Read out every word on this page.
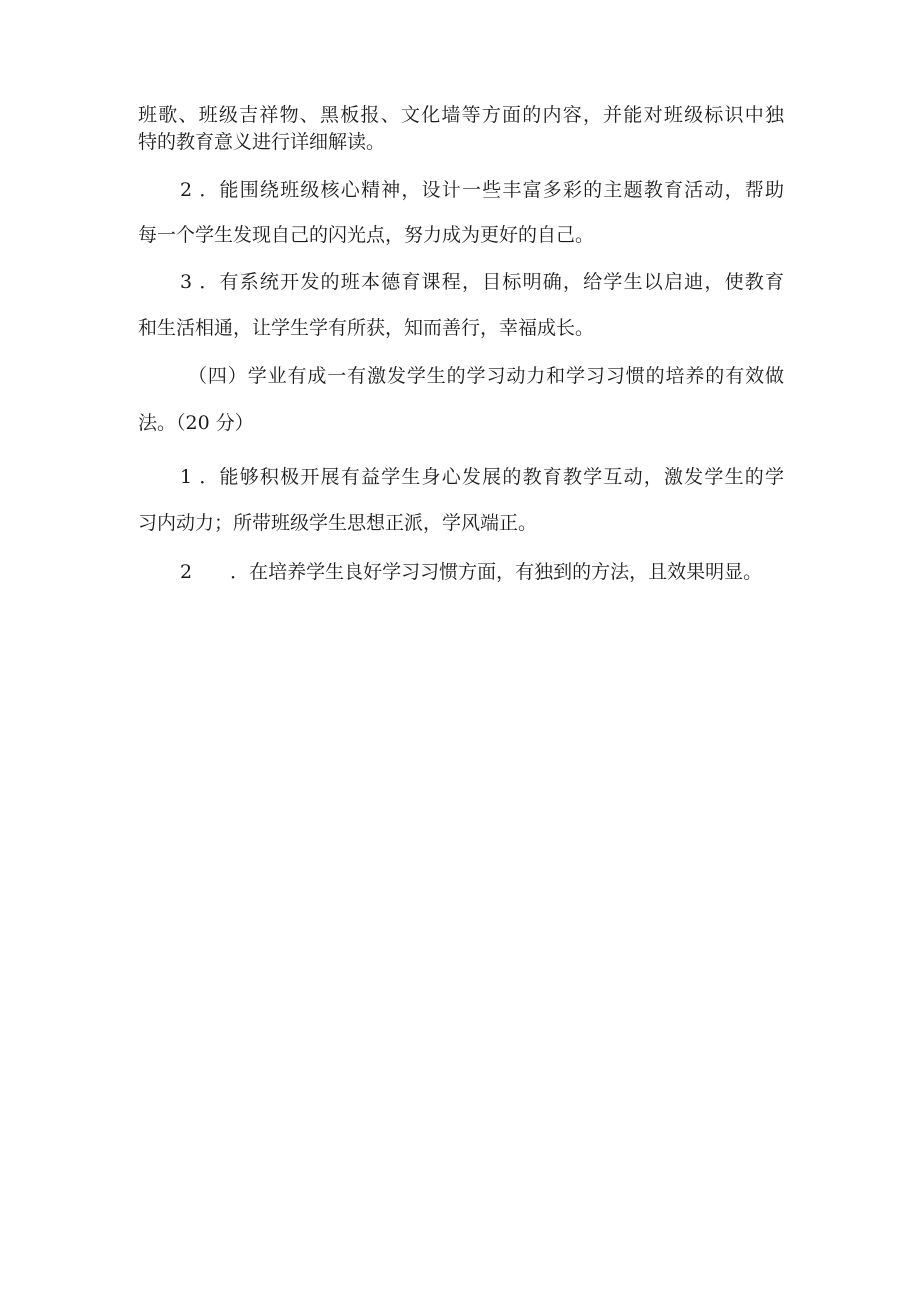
班歌、班级吉祥物、黑板报、文化墙等方面的内容，并能对班级标识中独
特的教育意义进行详细解读。
2 ．能围绕班级核心精神，设计一些丰富多彩的主题教育活动，帮助
每一个学生发现自己的闪光点，努力成为更好的自己。
3 ．有系统开发的班本德育课程，目标明确，给学生以启迪，使教育
和生活相通，让学生学有所获，知而善行，幸福成长。
（四）学业有成一有激发学生的学习动力和学习习惯的培养的有效做
法。（20 分）
1 ．能够积极开展有益学生身心发展的教育教学互动，激发学生的学
习内动力；所带班级学生思想正派，学风端正。
2　　．在培养学生良好学习习惯方面，有独到的方法，且效果明显。
